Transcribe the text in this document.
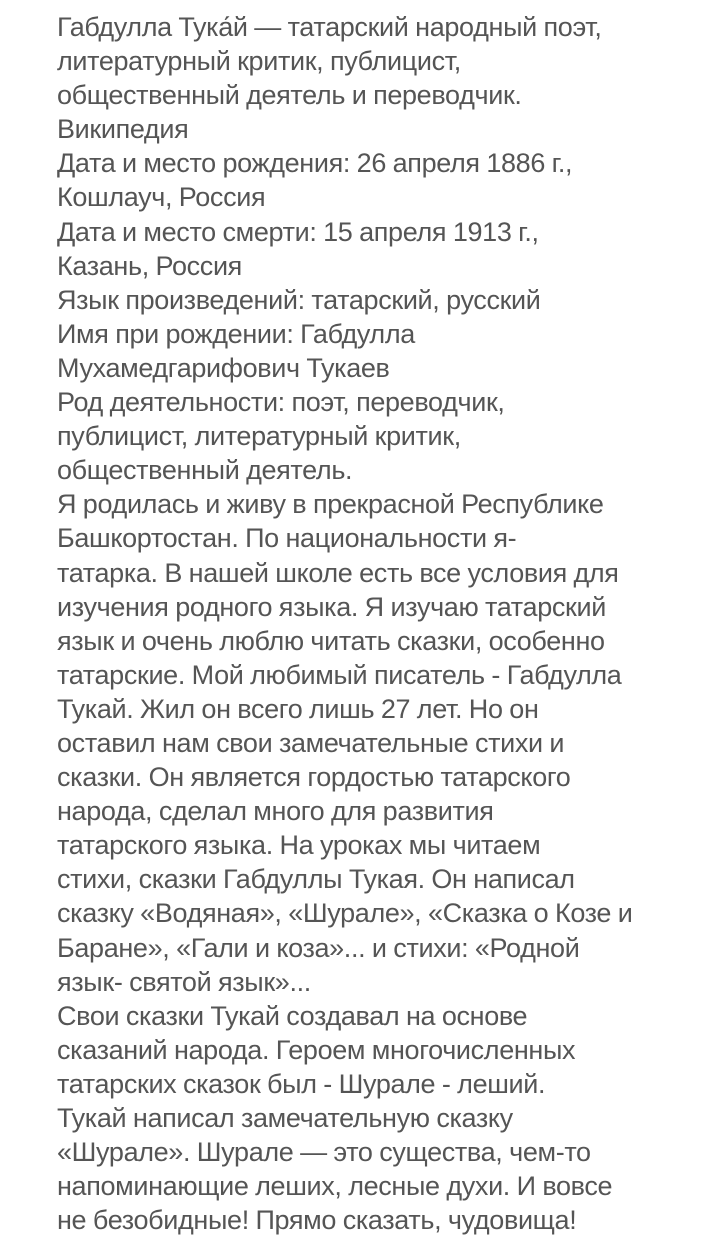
Габдулла Тука́й — татарский народный поэт,
литературный критик, публицист,
общественный деятель и переводчик.
Википедия
Дата и место рождения: 26 апреля 1886 г.,
Кошлауч, Россия
Дата и место смерти: 15 апреля 1913 г.,
Казань, Россия
Язык произведений: татарский, русский
Имя при рождении: Габдулла
Мухамедгарифович Тукаев
Род деятельности: поэт, переводчик,
публицист, литературный критик,
общественный деятель.
Я родилась и живу в прекрасной Республике
Башкортостан. По национальности я-
татарка. В нашей школе есть все условия для
изучения родного языка. Я изучаю татарский
язык и очень люблю читать сказки, особенно
татарские. Мой любимый писатель - Габдулла
Тукай. Жил он всего лишь 27 лет. Но он
оставил нам свои замечательные стихи и
сказки. Он является гордостью татарского
народа, сделал много для развития
татарского языка. На уроках мы читаем
стихи, сказки Габдуллы Тукая. Он написал
сказку «Водяная», «Шурале», «Сказка о Козе и
Баране», «Гали и коза»... и стихи: «Родной
язык- святой язык»...
Свои сказки Тукай создавал на основе
сказаний народа. Героем многочисленных
татарских сказок был - Шурале - леший.
Тукай написал замечательную сказку
«Шурале». Шурале — это существа, чем-то
напоминающие леших, лесные духи. И вовсе
не безобидные! Прямо сказать, чудовища!
